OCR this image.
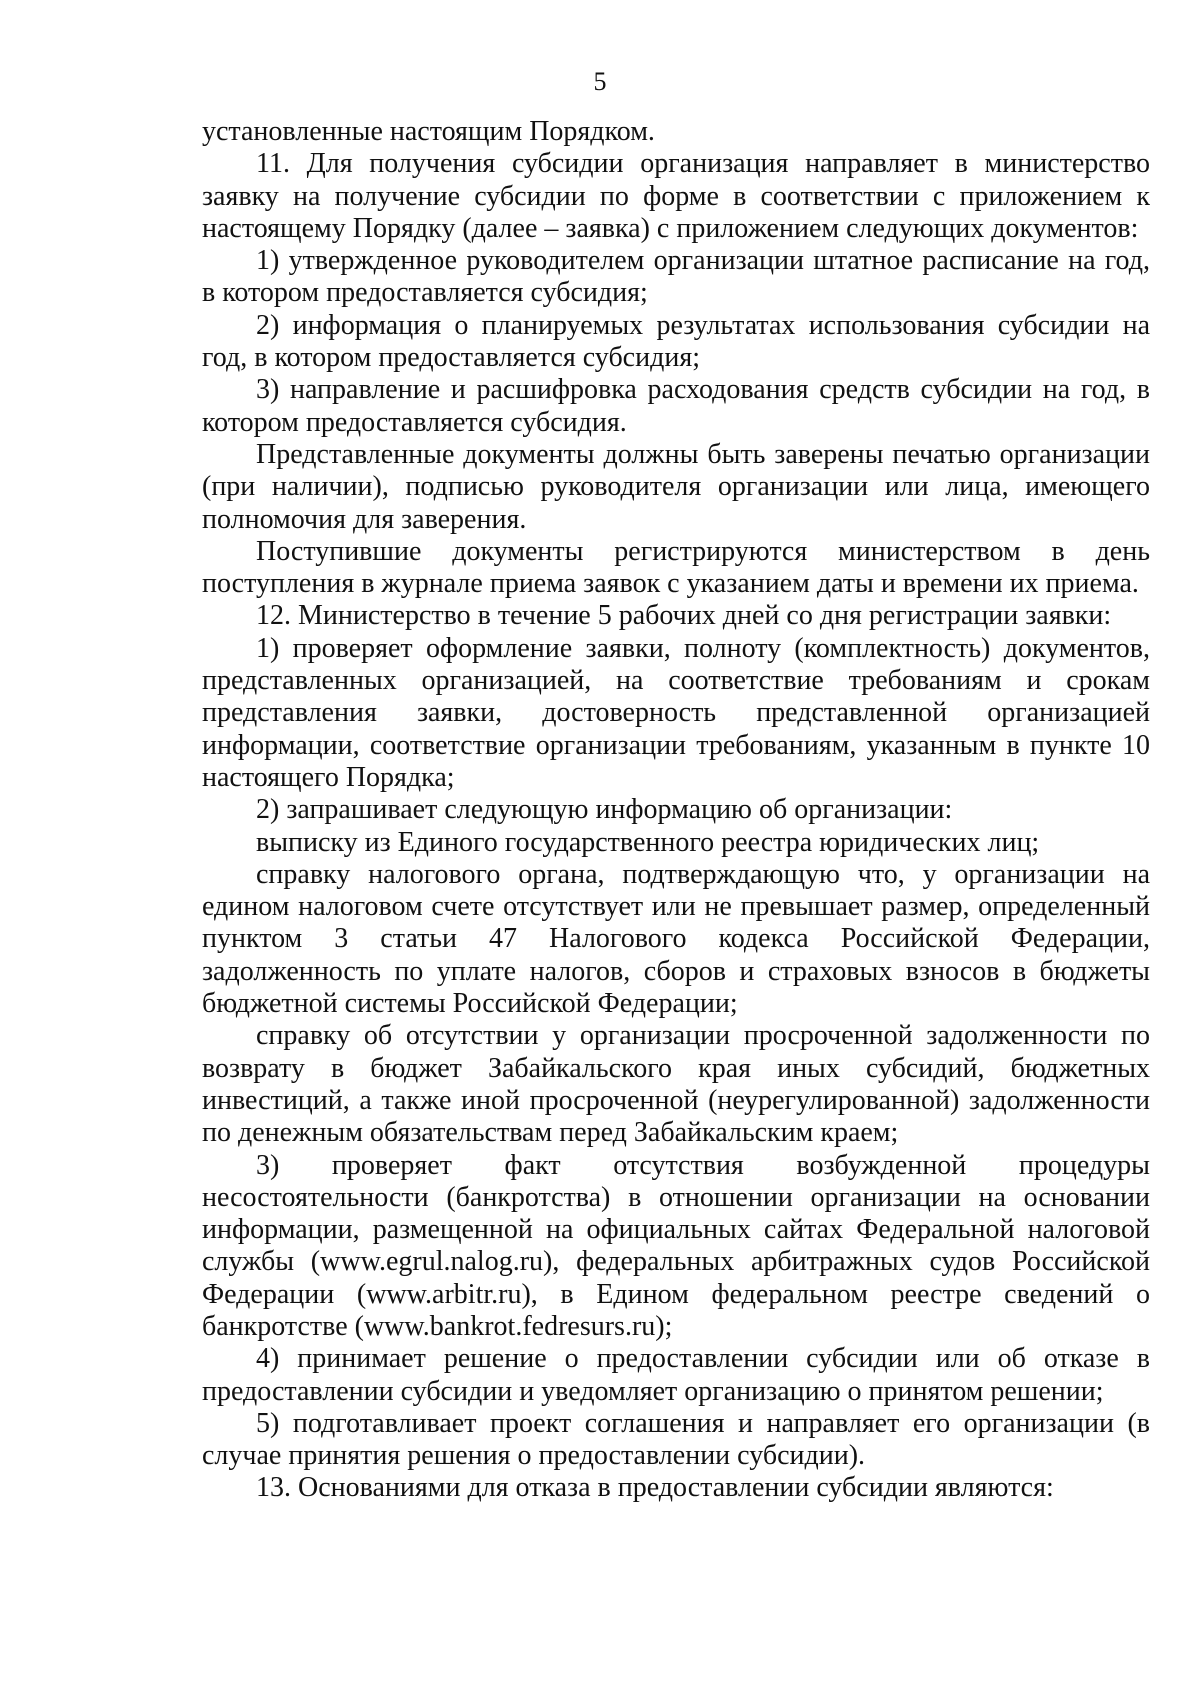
5

установленные настоящим Порядком.

11. Для получения субсидии организация направляет в министерство заявку на получение субсидии по форме в соответствии с приложением к настоящему Порядку (далее – заявка) с приложением следующих документов:

1) утвержденное руководителем организации штатное расписание на год, в котором предоставляется субсидия;

2) информация о планируемых результатах использования субсидии на год, в котором предоставляется субсидия;

3) направление и расшифровка расходования средств субсидии на год, в котором предоставляется субсидия.

Представленные документы должны быть заверены печатью организации (при наличии), подписью руководителя организации или лица, имеющего полномочия для заверения.

Поступившие документы регистрируются министерством в день поступления в журнале приема заявок с указанием даты и времени их приема.

12. Министерство в течение 5 рабочих дней со дня регистрации заявки:

1) проверяет оформление заявки, полноту (комплектность) документов, представленных организацией, на соответствие требованиям и срокам представления заявки, достоверность представленной организацией информации, соответствие организации требованиям, указанным в пункте 10 настоящего Порядка;

2) запрашивает следующую информацию об организации:

выписку из Единого государственного реестра юридических лиц;

справку налогового органа, подтверждающую что, у организации на едином налоговом счете отсутствует или не превышает размер, определенный пунктом 3 статьи 47 Налогового кодекса Российской Федерации, задолженность по уплате налогов, сборов и страховых взносов в бюджеты бюджетной системы Российской Федерации;

справку об отсутствии у организации просроченной задолженности по возврату в бюджет Забайкальского края иных субсидий, бюджетных инвестиций, а также иной просроченной (неурегулированной) задолженности по денежным обязательствам перед Забайкальским краем;

3) проверяет факт отсутствия возбужденной процедуры несостоятельности (банкротства) в отношении организации на основании информации, размещенной на официальных сайтах Федеральной налоговой службы (www.egrul.nalog.ru), федеральных арбитражных судов Российской Федерации (www.arbitr.ru), в Едином федеральном реестре сведений о банкротстве (www.bankrot.fedresurs.ru);

4) принимает решение о предоставлении субсидии или об отказе в предоставлении субсидии и уведомляет организацию о принятом решении;

5) подготавливает проект соглашения и направляет его организации (в случае принятия решения о предоставлении субсидии).

13. Основаниями для отказа в предоставлении субсидии являются:
